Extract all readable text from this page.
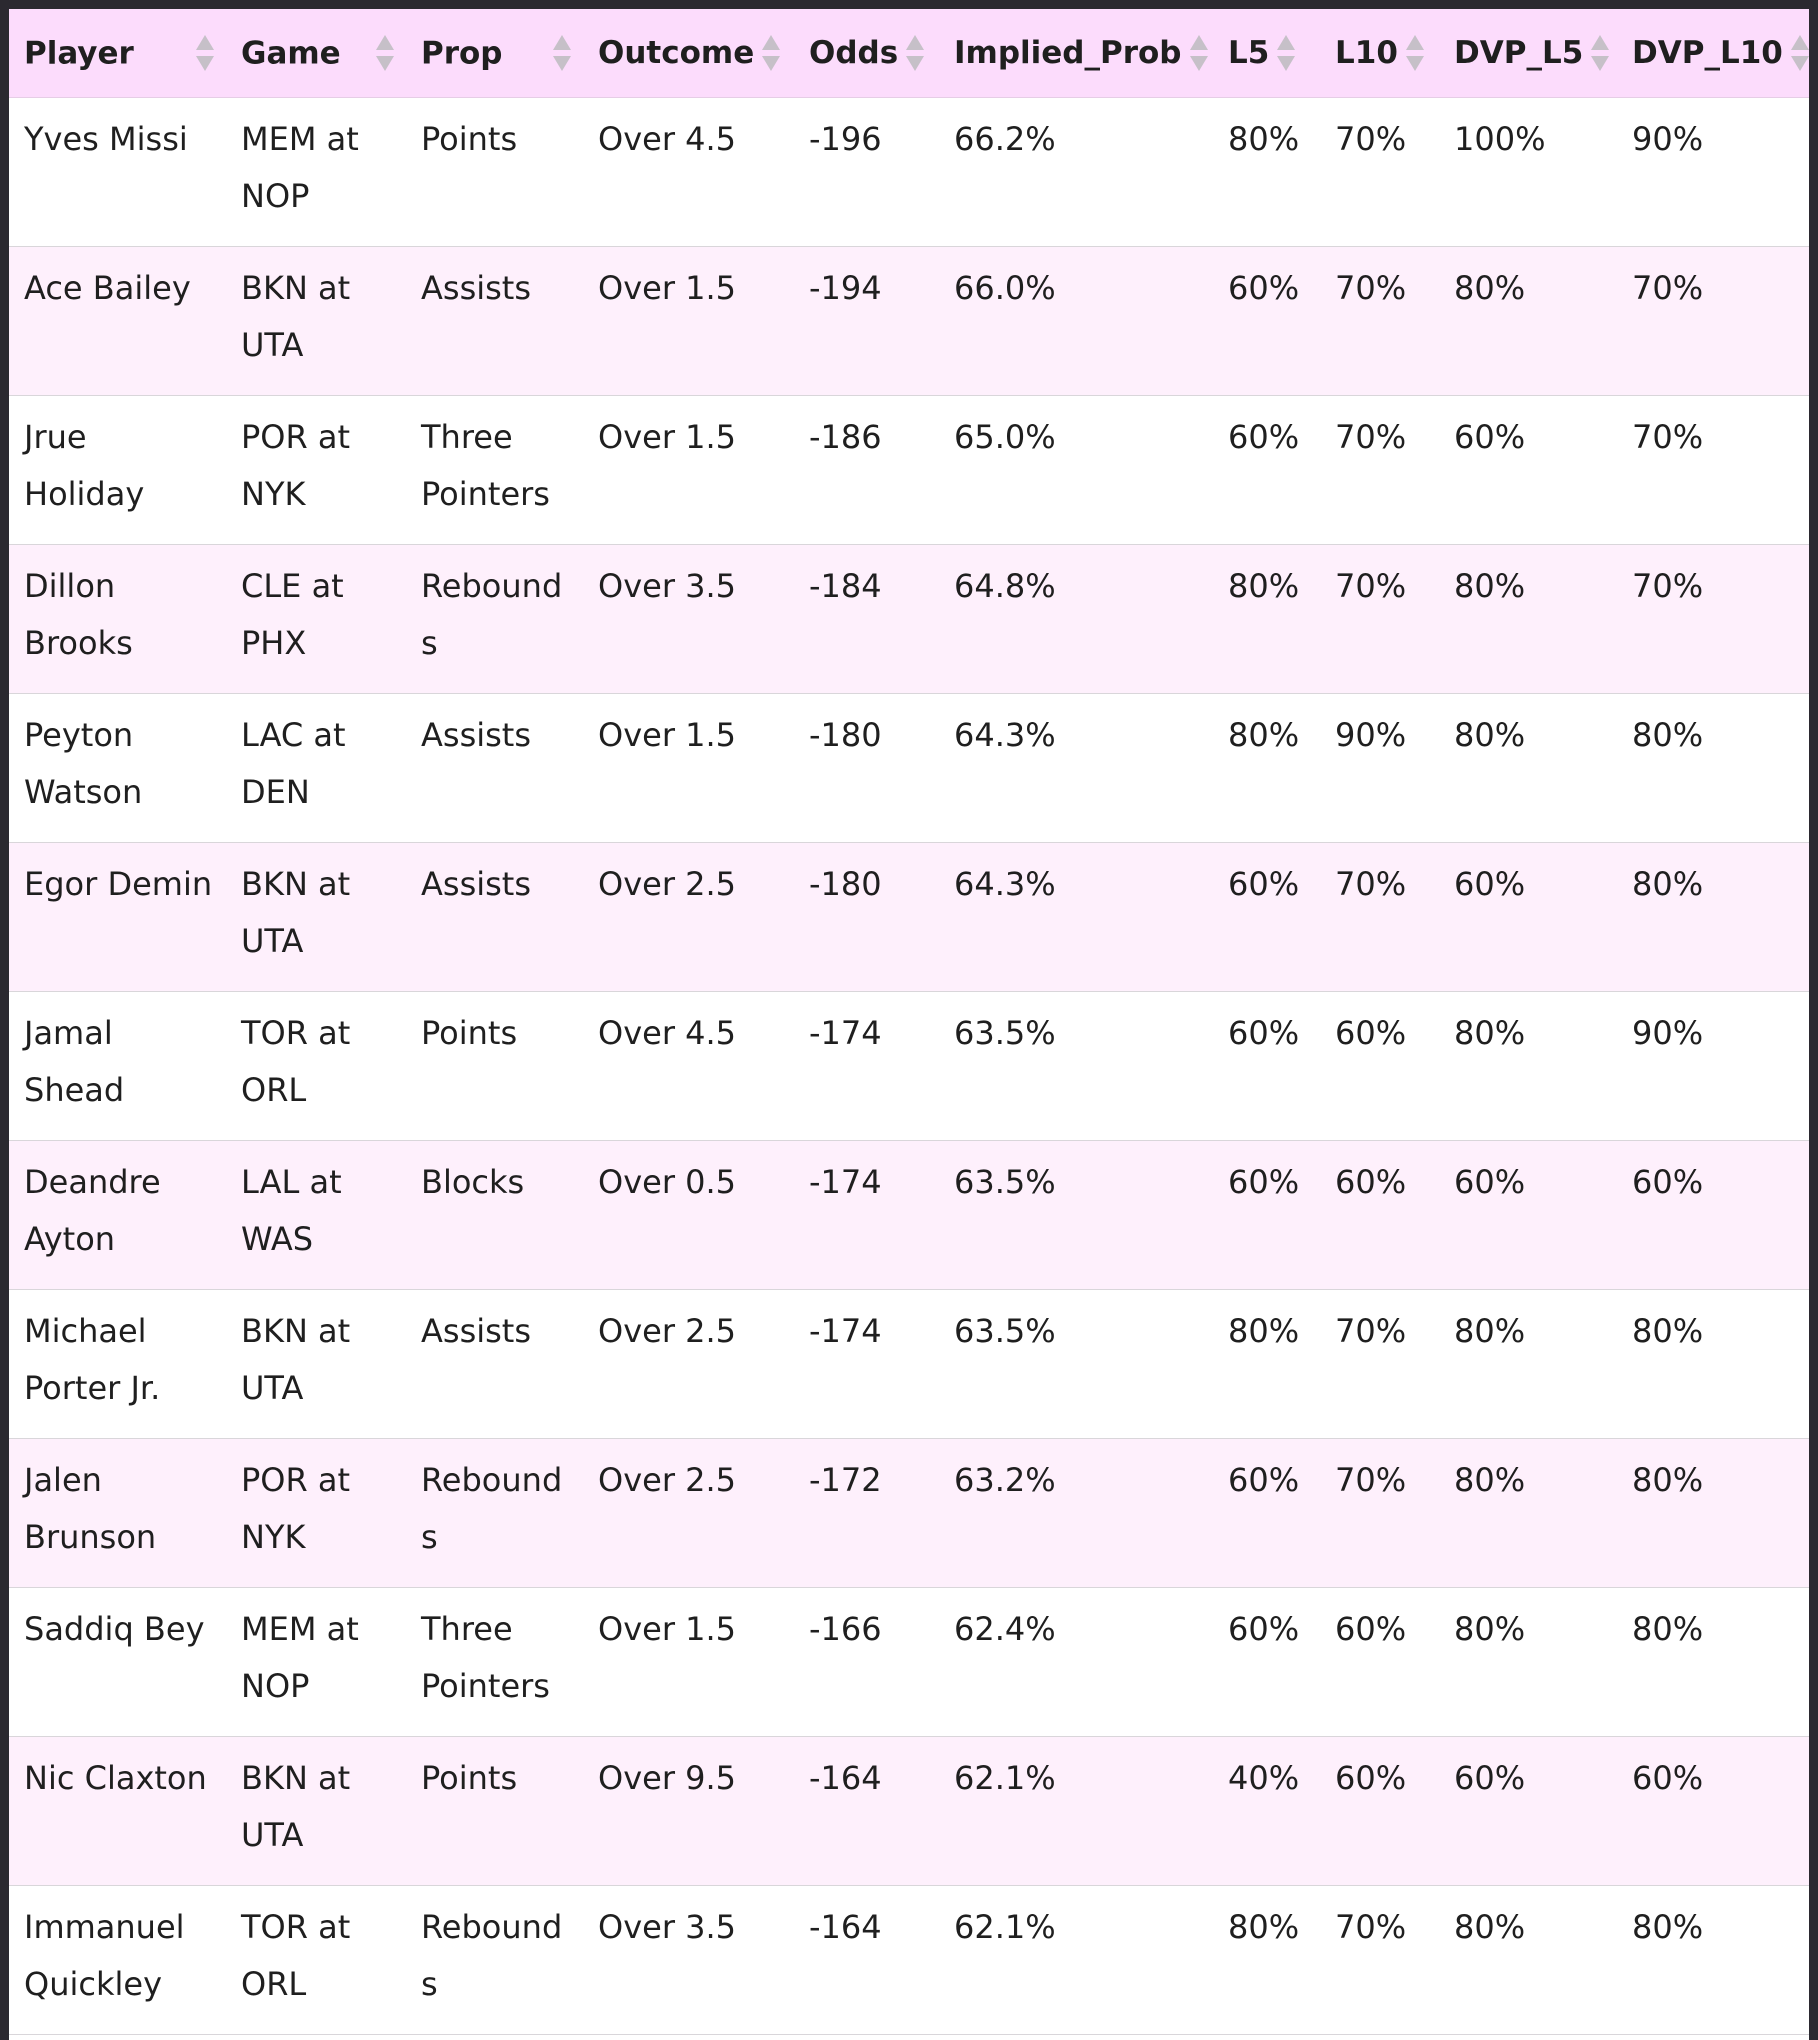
Player	Game	Prop	Outcome	Odds	Implied_Prob	L5	L10	DVP_L5	DVP_L10

Yves Missi	MEM at NOP	Points	Over 4.5	-196	66.2%	80%	70%	100%	90%
Ace Bailey	BKN at UTA	Assists	Over 1.5	-194	66.0%	60%	70%	80%	70%
Jrue Holiday	POR at NYK	Three Pointers	Over 1.5	-186	65.0%	60%	70%	60%	70%
Dillon Brooks	CLE at PHX	Rebounds	Over 3.5	-184	64.8%	80%	70%	80%	70%
Peyton Watson	LAC at DEN	Assists	Over 1.5	-180	64.3%	80%	90%	80%	80%
Egor Demin	BKN at UTA	Assists	Over 2.5	-180	64.3%	60%	70%	60%	80%
Jamal Shead	TOR at ORL	Points	Over 4.5	-174	63.5%	60%	60%	80%	90%
Deandre Ayton	LAL at WAS	Blocks	Over 0.5	-174	63.5%	60%	60%	60%	60%
Michael Porter Jr.	BKN at UTA	Assists	Over 2.5	-174	63.5%	80%	70%	80%	80%
Jalen Brunson	POR at NYK	Rebounds	Over 2.5	-172	63.2%	60%	70%	80%	80%
Saddiq Bey	MEM at NOP	Three Pointers	Over 1.5	-166	62.4%	60%	60%	80%	80%
Nic Claxton	BKN at UTA	Points	Over 9.5	-164	62.1%	40%	60%	60%	60%
Immanuel Quickley	TOR at ORL	Rebounds	Over 3.5	-164	62.1%	80%	70%	80%	80%
